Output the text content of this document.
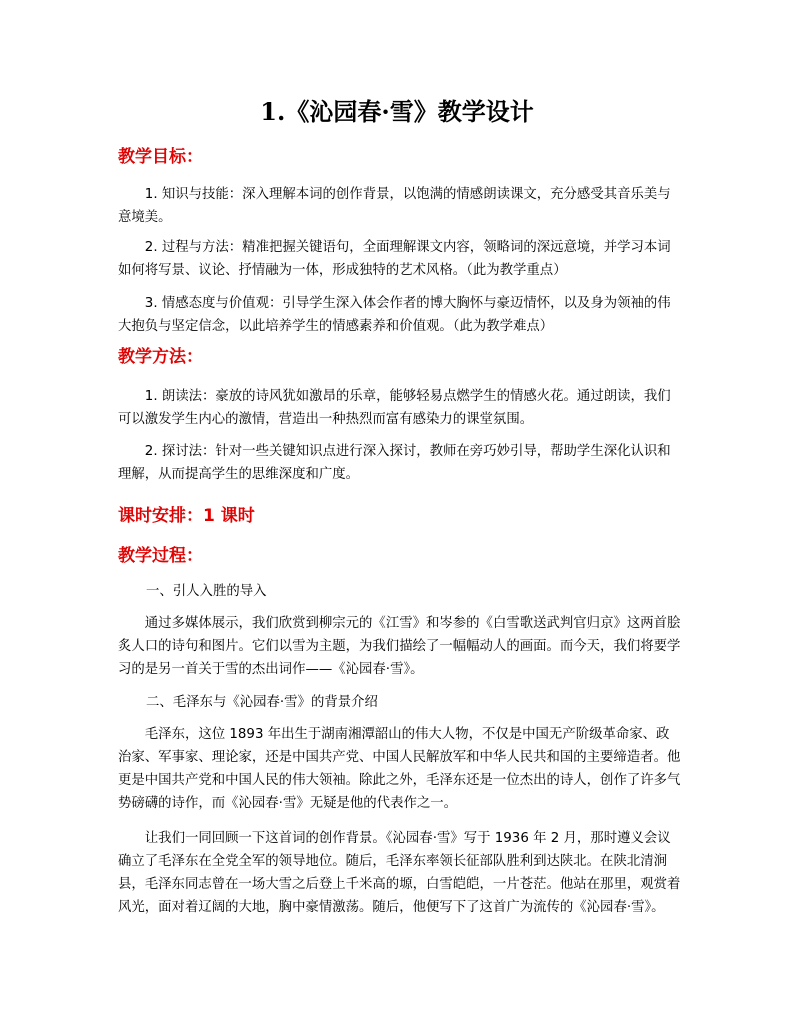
1.《沁园春·雪》教学设计
教学目标：

1. 知识与技能：深入理解本词的创作背景，以饱满的情感朗读课文，充分感受其音乐美与意境美。

2. 过程与方法：精准把握关键语句，全面理解课文内容，领略词的深远意境，并学习本词如何将写景、议论、抒情融为一体，形成独特的艺术风格。（此为教学重点）

3. 情感态度与价值观：引导学生深入体会作者的博大胸怀与豪迈情怀，以及身为领袖的伟大抱负与坚定信念，以此培养学生的情感素养和价值观。（此为教学难点）

教学方法：

1. 朗读法：豪放的诗风犹如激昂的乐章，能够轻易点燃学生的情感火花。通过朗读，我们可以激发学生内心的激情，营造出一种热烈而富有感染力的课堂氛围。

2. 探讨法：针对一些关键知识点进行深入探讨，教师在旁巧妙引导，帮助学生深化认识和理解，从而提高学生的思维深度和广度。

课时安排：1 课时
教学过程：

一、引人入胜的导入

通过多媒体展示，我们欣赏到柳宗元的《江雪》和岑参的《白雪歌送武判官归京》这两首脍炙人口的诗句和图片。它们以雪为主题，为我们描绘了一幅幅动人的画面。而今天，我们将要学习的是另一首关于雪的杰出词作——《沁园春·雪》。

二、毛泽东与《沁园春·雪》的背景介绍

毛泽东，这位 1893 年出生于湖南湘潭韶山的伟大人物，不仅是中国无产阶级革命家、政治家、军事家、理论家，还是中国共产党、中国人民解放军和中华人民共和国的主要缔造者。他更是中国共产党和中国人民的伟大领袖。除此之外，毛泽东还是一位杰出的诗人，创作了许多气势磅礴的诗作，而《沁园春·雪》无疑是他的代表作之一。

让我们一同回顾一下这首词的创作背景。《沁园春·雪》写于 1936 年 2 月，那时遵义会议确立了毛泽东在全党全军的领导地位。随后，毛泽东率领长征部队胜利到达陕北。在陕北清涧县，毛泽东同志曾在一场大雪之后登上千米高的塬，白雪皑皑，一片苍茫。他站在那里，观赏着风光，面对着辽阔的大地，胸中豪情激荡。随后，他便写下了这首广为流传的《沁园春·雪》。
